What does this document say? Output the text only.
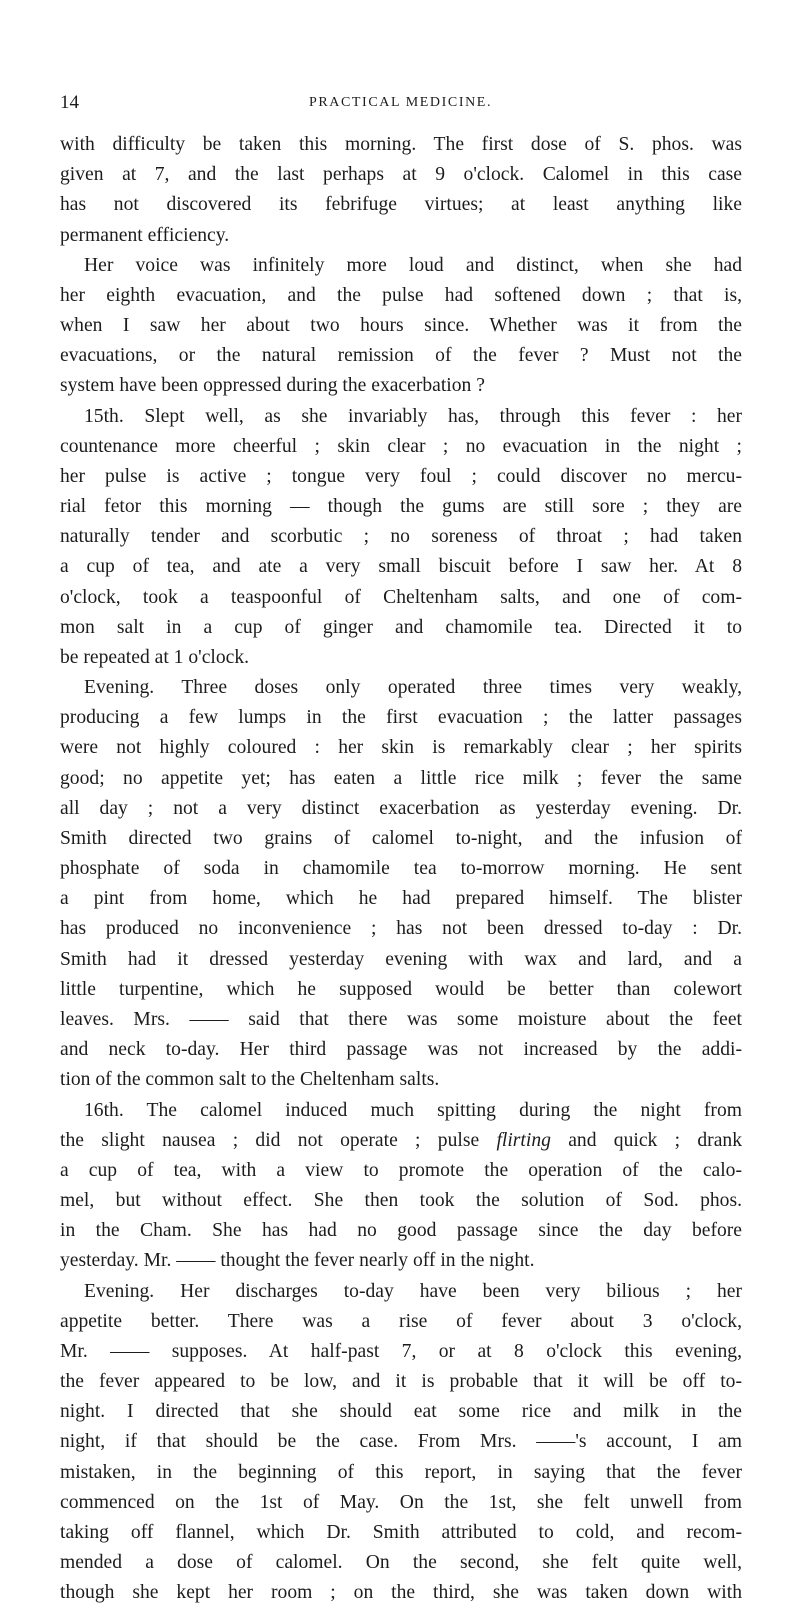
14	PRACTICAL MEDICINE.
with difficulty be taken this morning. The first dose of S. phos. was
given at 7, and the last perhaps at 9 o'clock. Calomel in this case
has not discovered its febrifuge virtues; at least anything like
permanent efficiency.
Her voice was infinitely more loud and distinct, when she had
her eighth evacuation, and the pulse had softened down ; that is,
when I saw her about two hours since. Whether was it from the
evacuations, or the natural remission of the fever ? Must not the
system have been oppressed during the exacerbation ?
15th. Slept well, as she invariably has, through this fever : her
countenance more cheerful ; skin clear ; no evacuation in the night ;
her pulse is active ; tongue very foul ; could discover no mercu-
rial fetor this morning — though the gums are still sore ; they are
naturally tender and scorbutic ; no soreness of throat ; had taken
a cup of tea, and ate a very small biscuit before I saw her. At 8
o'clock, took a teaspoonful of Cheltenham salts, and one of com-
mon salt in a cup of ginger and chamomile tea. Directed it to
be repeated at 1 o'clock.
Evening. Three doses only operated three times very weakly,
producing a few lumps in the first evacuation ; the latter passages
were not highly coloured : her skin is remarkably clear ; her spirits
good; no appetite yet; has eaten a little rice milk ; fever the same
all day ; not a very distinct exacerbation as yesterday evening. Dr.
Smith directed two grains of calomel to-night, and the infusion of
phosphate of soda in chamomile tea to-morrow morning. He sent
a pint from home, which he had prepared himself. The blister
has produced no inconvenience ; has not been dressed to-day : Dr.
Smith had it dressed yesterday evening with wax and lard, and a
little turpentine, which he supposed would be better than colewort
leaves. Mrs. —— said that there was some moisture about the feet
and neck to-day. Her third passage was not increased by the addi-
tion of the common salt to the Cheltenham salts.
16th. The calomel induced much spitting during the night from
the slight nausea ; did not operate ; pulse flirting and quick ; drank
a cup of tea, with a view to promote the operation of the calo-
mel, but without effect. She then took the solution of Sod. phos.
in the Cham. She has had no good passage since the day before
yesterday. Mr. —— thought the fever nearly off in the night.
Evening. Her discharges to-day have been very bilious ; her
appetite better. There was a rise of fever about 3 o'clock,
Mr. —— supposes. At half-past 7, or at 8 o'clock this evening,
the fever appeared to be low, and it is probable that it will be off to-
night. I directed that she should eat some rice and milk in the
night, if that should be the case. From Mrs. ——'s account, I am
mistaken, in the beginning of this report, in saying that the fever
commenced on the 1st of May. On the 1st, she felt unwell from
taking off flannel, which Dr. Smith attributed to cold, and recom-
mended a dose of calomel. On the second, she felt quite well,
though she kept her room ; on the third, she was taken down with
